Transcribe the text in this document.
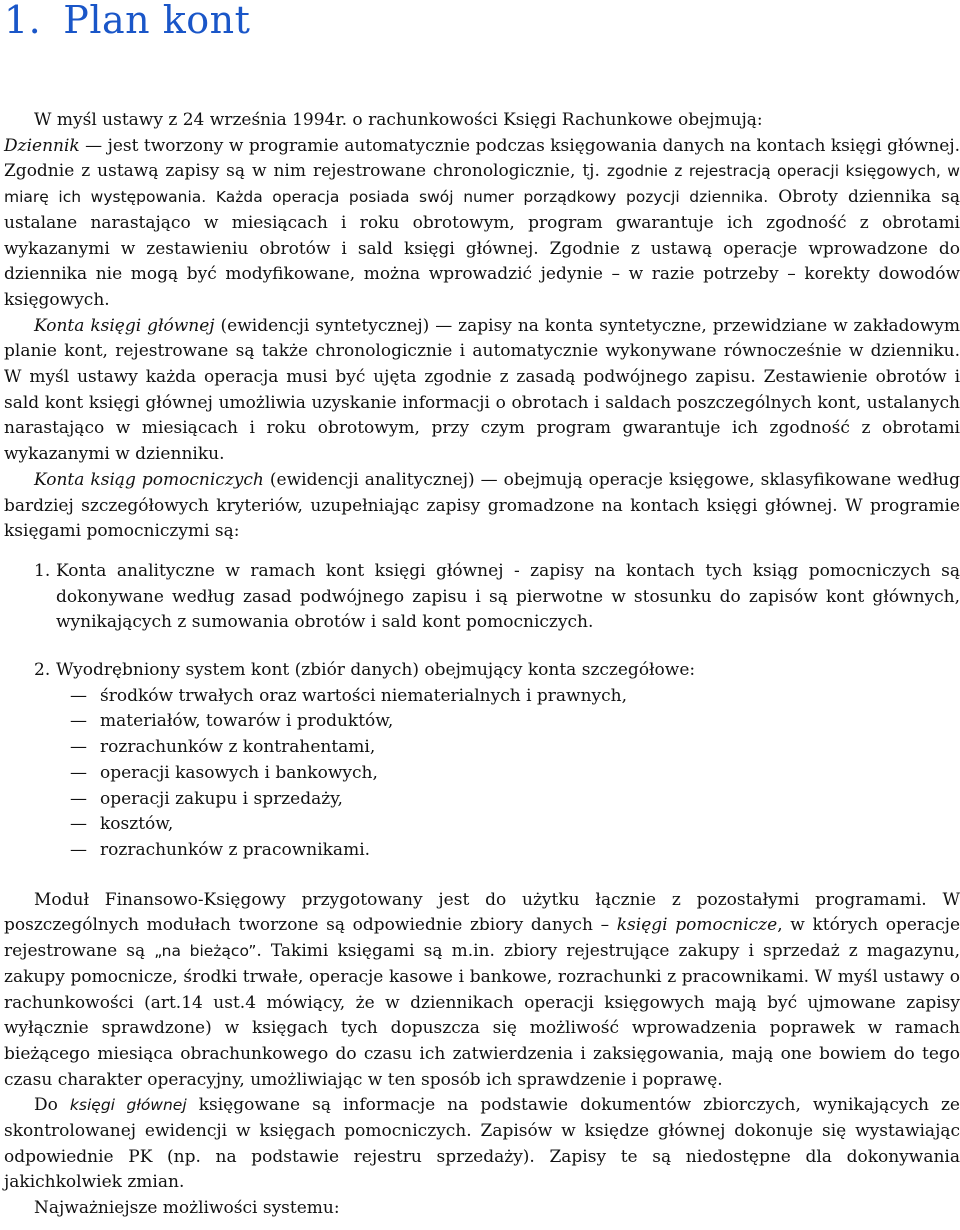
1. Plan kont

W myśl ustawy z 24 września 1994r. o rachunkowości Księgi Rachunkowe obejmują:
Dziennik — jest tworzony w programie automatycznie podczas księgowania danych na kontach księgi głównej. Zgodnie z ustawą zapisy są w nim rejestrowane chronologicznie, tj. zgodnie z rejestracją operacji księgowych, w miarę ich występowania. Każda operacja posiada swój numer porządkowy pozycji dziennika. Obroty dziennika są ustalane narastająco w miesiącach i roku obrotowym, program gwarantuje ich zgodność z obrotami wykazanymi w zestawieniu obrotów i sald księgi głównej. Zgodnie z ustawą operacje wprowadzone do dziennika nie mogą być modyfikowane, można wprowadzić jedynie – w razie potrzeby – korekty dowodów księgowych.

Konta księgi głównej (ewidencji syntetycznej) — zapisy na konta syntetyczne, przewidziane w zakładowym planie kont, rejestrowane są także chronologicznie i automatycznie wykonywane równocześnie w dzienniku. W myśl ustawy każda operacja musi być ujęta zgodnie z zasadą podwójnego zapisu. Zestawienie obrotów i sald kont księgi głównej umożliwia uzyskanie informacji o obrotach i saldach poszczególnych kont, ustalanych narastająco w miesiącach i roku obrotowym, przy czym program gwarantuje ich zgodność z obrotami wykazanymi w dzienniku.

Konta ksiąg pomocniczych (ewidencji analitycznej) — obejmują operacje księgowe, sklasyfikowane według bardziej szczegółowych kryteriów, uzupełniając zapisy gromadzone na kontach księgi głównej. W programie księgami pomocniczymi są:

1. Konta analityczne w ramach kont księgi głównej - zapisy na kontach tych ksiąg pomocniczych są dokonywane według zasad podwójnego zapisu i są pierwotne w stosunku do zapisów kont głównych, wynikających z sumowania obrotów i sald kont pomocniczych.
2. Wyodrębniony system kont (zbiór danych) obejmujący konta szczegółowe:
— środków trwałych oraz wartości niematerialnych i prawnych,
— materiałów, towarów i produktów,
— rozrachunków z kontrahentami,
— operacji kasowych i bankowych,
— operacji zakupu i sprzedaży,
— kosztów,
— rozrachunków z pracownikami.

Moduł Finansowo-Księgowy przygotowany jest do użytku łącznie z pozostałymi programami. W poszczególnych modułach tworzone są odpowiednie zbiory danych – księgi pomocnicze, w których operacje rejestrowane są „na bieżąco”. Takimi księgami są m.in. zbiory rejestrujące zakupy i sprzedaż z magazynu, zakupy pomocnicze, środki trwałe, operacje kasowe i bankowe, rozrachunki z pracownikami. W myśl ustawy o rachunkowości (art.14 ust.4 mówiący, że w dziennikach operacji księgowych mają być ujmowane zapisy wyłącznie sprawdzone) w księgach tych dopuszcza się możliwość wprowadzenia poprawek w ramach bieżącego miesiąca obrachunkowego do czasu ich zatwierdzenia i zaksięgowania, mają one bowiem do tego czasu charakter operacyjny, umożliwiając w ten sposób ich sprawdzenie i poprawę.

Do księgi głównej księgowane są informacje na podstawie dokumentów zbiorczych, wynikających ze skontrolowanej ewidencji w księgach pomocniczych. Zapisów w księdze głównej dokonuje się wystawiając odpowiednie PK (np. na podstawie rejestru sprzedaży). Zapisy te są niedostępne dla dokonywania jakichkolwiek zmian.

Najważniejsze możliwości systemu:
